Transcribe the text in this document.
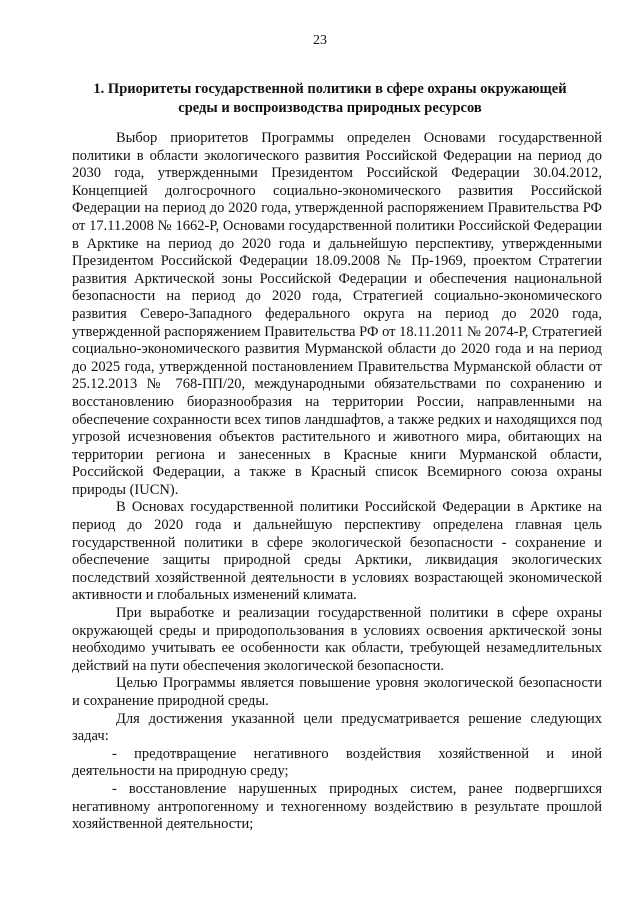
23
1. Приоритеты государственной политики в сфере охраны окружающей
среды и воспроизводства природных ресурсов

Выбор приоритетов Программы определен Основами государственной политики в области экологического развития Российской Федерации на период до 2030 года, утвержденными Президентом Российской Федерации 30.04.2012, Концепцией долгосрочного социально-экономического развития Российской Федерации на период до 2020 года, утвержденной распоряжением Правительства РФ от 17.11.2008 № 1662-Р, Основами государственной политики Российской Федерации в Арктике на период до 2020 года и дальнейшую перспективу, утвержденными Президентом Российской Федерации 18.09.2008 № Пр-1969, проектом Стратегии развития Арктической зоны Российской Федерации и обеспечения национальной безопасности на период до 2020 года, Стратегией социально-экономического развития Северо-Западного федерального округа на период до 2020 года, утвержденной распоряжением Правительства РФ от 18.11.2011 № 2074-Р, Стратегией социально-экономического развития Мурманской области до 2020 года и на период до 2025 года, утвержденной постановлением Правительства Мурманской области от 25.12.2013 № 768-ПП/20, международными обязательствами по сохранению и восстановлению биоразнообразия на территории России, направленными на обеспечение сохранности всех типов ландшафтов, а также редких и находящихся под угрозой исчезновения объектов растительного и животного мира, обитающих на территории региона и занесенных в Красные книги Мурманской области, Российской Федерации, а также в Красный список Всемирного союза охраны природы (IUCN).

В Основах государственной политики Российской Федерации в Арктике на период до 2020 года и дальнейшую перспективу определена главная цель государственной политики в сфере экологической безопасности - сохранение и обеспечение защиты природной среды Арктики, ликвидация экологических последствий хозяйственной деятельности в условиях возрастающей экономической активности и глобальных изменений климата.

При выработке и реализации государственной политики в сфере охраны окружающей среды и природопользования в условиях освоения арктической зоны необходимо учитывать ее особенности как области, требующей незамедлительных действий на пути обеспечения экологической безопасности.

Целью Программы является повышение уровня экологической безопасности и сохранение природной среды.

Для достижения указанной цели предусматривается решение следующих задач:

- предотвращение негативного воздействия хозяйственной и иной деятельности на природную среду;

- восстановление нарушенных природных систем, ранее подвергшихся негативному антропогенному и техногенному воздействию в результате прошлой хозяйственной деятельности;
